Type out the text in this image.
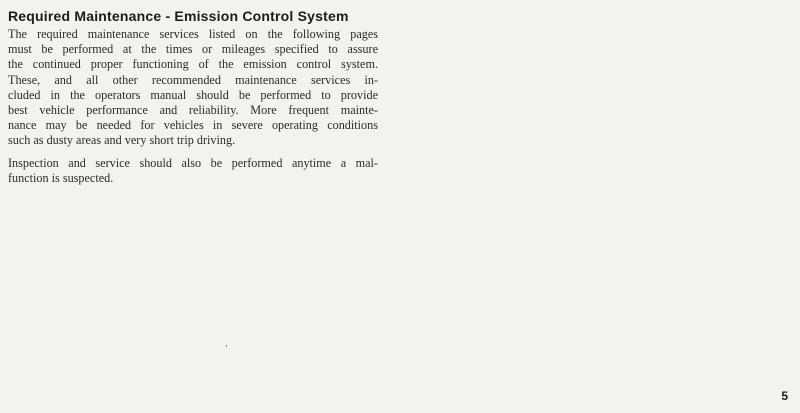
Required Maintenance - Emission Control System
The required maintenance services listed on the following pages
must be performed at the times or mileages specified to assure
the continued proper functioning of the emission control system.
These, and all other recommended maintenance services in-
cluded in the operators manual should be performed to provide
best vehicle performance and reliability. More frequent mainte-
nance may be needed for vehicles in severe operating conditions
such as dusty areas and very short trip driving.
Inspection and service should also be performed anytime a mal-
function is suspected.
5
